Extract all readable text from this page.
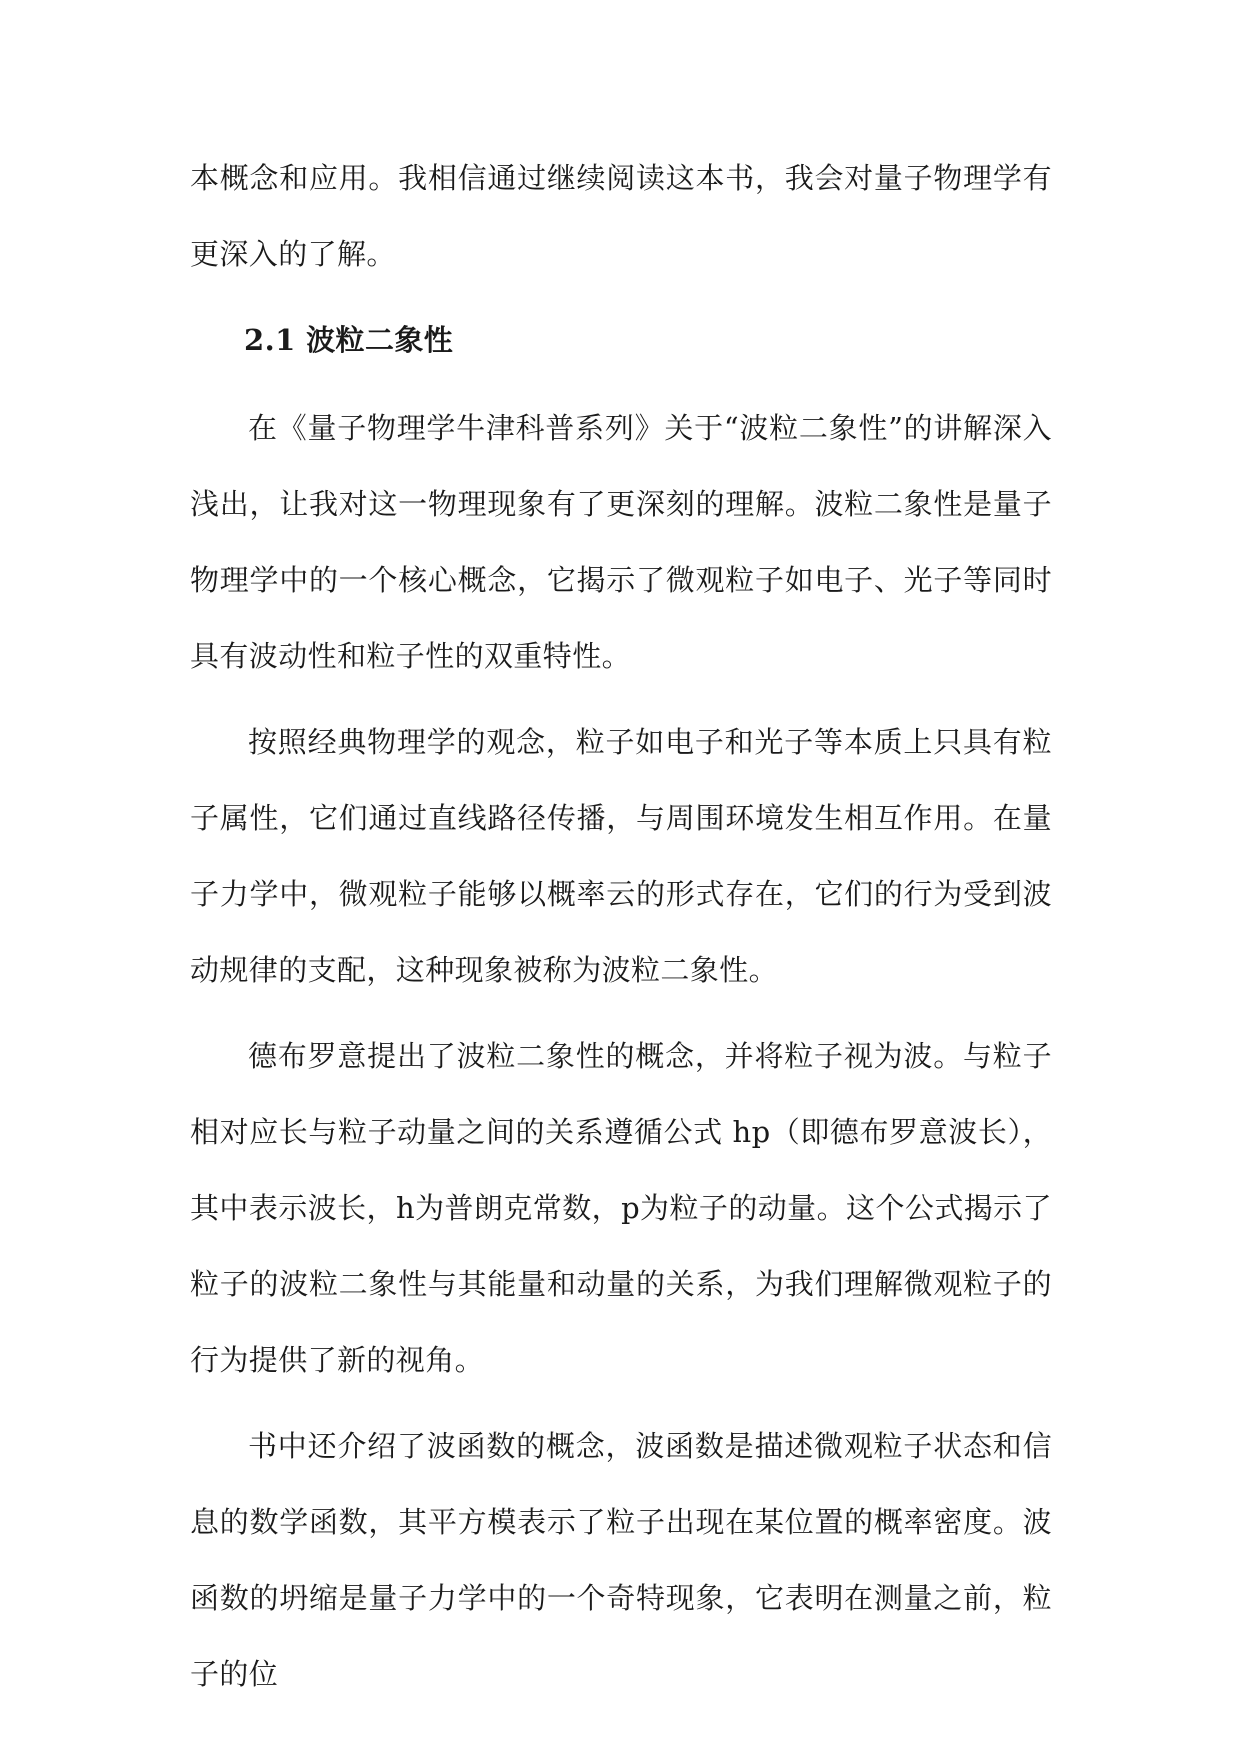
本概念和应用。我相信通过继续阅读这本书，我会对量子物理学有更深入的了解。

2.1 波粒二象性

在《量子物理学牛津科普系列》关于“波粒二象性”的讲解深入浅出，让我对这一物理现象有了更深刻的理解。波粒二象性是量子物理学中的一个核心概念，它揭示了微观粒子如电子、光子等同时具有波动性和粒子性的双重特性。

按照经典物理学的观念，粒子如电子和光子等本质上只具有粒子属性，它们通过直线路径传播，与周围环境发生相互作用。在量子力学中，微观粒子能够以概率云的形式存在，它们的行为受到波动规律的支配，这种现象被称为波粒二象性。

德布罗意提出了波粒二象性的概念，并将粒子视为波。与粒子相对应长与粒子动量之间的关系遵循公式 hp（即德布罗意波长），其中表示波长，h为普朗克常数，p为粒子的动量。这个公式揭示了粒子的波粒二象性与其能量和动量的关系，为我们理解微观粒子的行为提供了新的视角。

书中还介绍了波函数的概念，波函数是描述微观粒子状态和信息的数学函数，其平方模表示了粒子出现在某位置的概率密度。波函数的坍缩是量子力学中的一个奇特现象，它表明在测量之前，粒子的位
